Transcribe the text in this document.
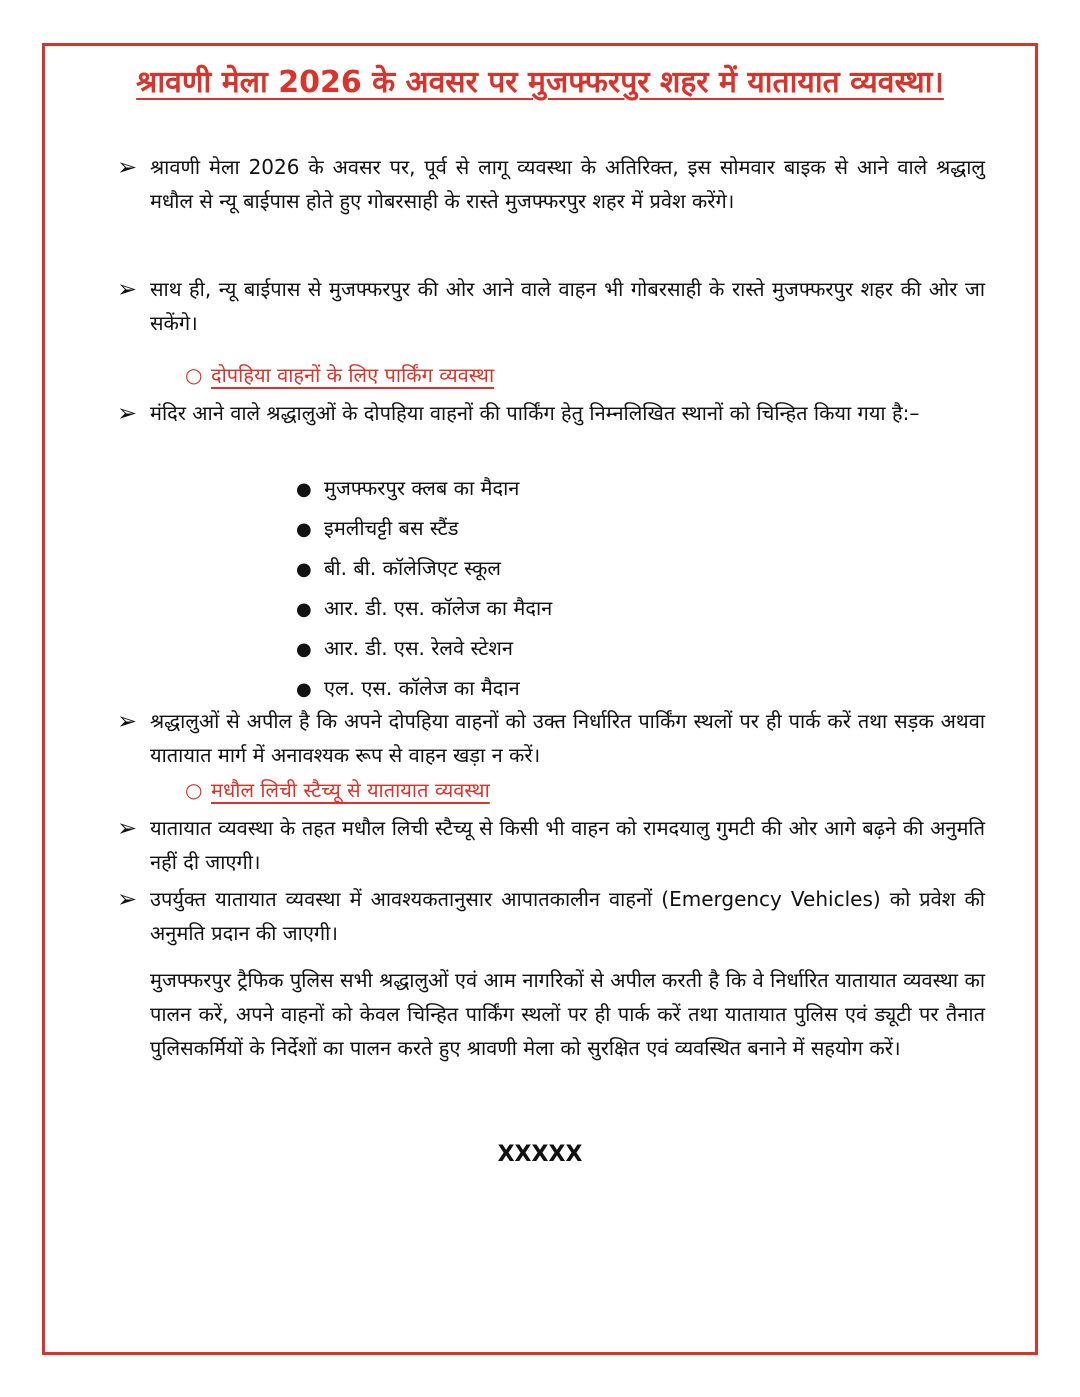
श्रावणी मेला 2026 के अवसर पर मुजफ्फरपुर शहर में यातायात व्यवस्था।
➢ श्रावणी मेला 2026 के अवसर पर, पूर्व से लागू व्यवस्था के अतिरिक्त, इस सोमवार बाइक से आने वाले श्रद्धालु मधौल से न्यू बाईपास होते हुए गोबरसाही के रास्ते मुजफ्फरपुर शहर में प्रवेश करेंगे।
➢ साथ ही, न्यू बाईपास से मुजफ्फरपुर की ओर आने वाले वाहन भी गोबरसाही के रास्ते मुजफ्फरपुर शहर की ओर जा सकेंगे।
○ दोपहिया वाहनों के लिए पार्किंग व्यवस्था
➢ मंदिर आने वाले श्रद्धालुओं के दोपहिया वाहनों की पार्किंग हेतु निम्नलिखित स्थानों को चिन्हित किया गया है:–
● मुजफ्फरपुर क्लब का मैदान
● इमलीचट्टी बस स्टैंड
● बी. बी. कॉलेजिएट स्कूल
● आर. डी. एस. कॉलेज का मैदान
● आर. डी. एस. रेलवे स्टेशन
● एल. एस. कॉलेज का मैदान
➢ श्रद्धालुओं से अपील है कि अपने दोपहिया वाहनों को उक्त निर्धारित पार्किंग स्थलों पर ही पार्क करें तथा सड़क अथवा यातायात मार्ग में अनावश्यक रूप से वाहन खड़ा न करें।
○ मधौल लिची स्टैच्यू से यातायात व्यवस्था
➢ यातायात व्यवस्था के तहत मधौल लिची स्टैच्यू से किसी भी वाहन को रामदयालु गुमटी की ओर आगे बढ़ने की अनुमति नहीं दी जाएगी।
➢ उपर्युक्त यातायात व्यवस्था में आवश्यकतानुसार आपातकालीन वाहनों (Emergency Vehicles) को प्रवेश की अनुमति प्रदान की जाएगी।
मुजफ्फरपुर ट्रैफिक पुलिस सभी श्रद्धालुओं एवं आम नागरिकों से अपील करती है कि वे निर्धारित यातायात व्यवस्था का पालन करें, अपने वाहनों को केवल चिन्हित पार्किंग स्थलों पर ही पार्क करें तथा यातायात पुलिस एवं ड्यूटी पर तैनात पुलिसकर्मियों के निर्देशों का पालन करते हुए श्रावणी मेला को सुरक्षित एवं व्यवस्थित बनाने में सहयोग करें।
XXXXX
